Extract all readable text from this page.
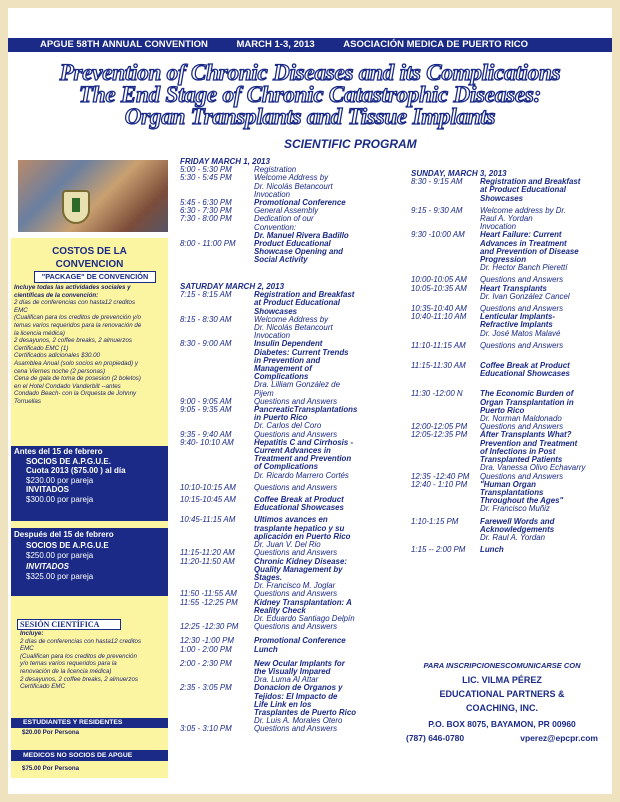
APGUE 58TH ANNUAL CONVENTION	MARCH 1-3, 2013	ASOCIACIÓN MEDICA DE PUERTO RICO
Prevention of Chronic Diseases and its Complications
The End Stage of Chronic Catastrophic Diseases:
Organ Transplants and Tissue Implants
SCIENTIFIC PROGRAM
COSTOS DE LA
CONVENCION
"PACKAGE" DE CONVENCIÓN
Incluye todas las actividades sociales y
científicas de la convención:
2 días de conferencias con hasta12 creditos
EMC
(Cualifican para los creditos de prevención y/o
temas varios requeridos para la renovación de
la licencia médica)
2 desayunos, 2 coffee breaks, 2 almuerzos
Certificado EMC (1)
Certificados adicionales $30.00
Asamblea Anual (solo socios en propiedad) y
cena Viernes noche (2 personas)
Cena de gala de toma de posesion (2 boletos)
en el Hotel Condado Vanderbilt --antes
Condado Beach- con la Orquesta de Johnny
Torruellas
Antes del 15 de febrero
SOCIOS DE A.P.G.U.E.
Cuota 2013 ($75.00 ) al día
$230.00 por pareja
INVITADOS
$300.00 por pareja
Después del 15 de febrero
SOCIOS DE A.P.G.U.E
$250.00 por pareja
INVITADOS
$325.00 por pareja
SESIÓN CIENTÍFICA
Incluye:
2 días de conferencias con hasta12 creditos
EMC
(Cualifican para los creditos de prevención
y/o temas varios requeridos para la
renovación de la licencia médica)
2 desayunos, 2 coffee breaks, 2 almuerzos
Certificado EMC
ESTUDIANTES Y RESIDENTES
$20.00 Por Persona
MEDICOS NO SOCIOS DE APGUE
$75.00 Por Persona
FRIDAY MARCH 1, 2013
5:00 - 5:30 PM	Registration
5:30 - 5:45 PM	Welcome Address by
Dr. Nicolás Betancourt
Invocation
5:45 - 6:30 PM	Promotional Conference
6:30 - 7:30 PM	General Assembly
7:30 - 8:00 PM	Dedication of our
Convention:
Dr. Manuel Rivera Badillo
8:00 - 11:00 PM	Product Educational
Showcase Opening and
Social Activity
SATURDAY MARCH 2, 2013
7:15 - 8:15 AM	Registration and Breakfast
at Product Educational
Showcases
8:15 - 8:30 AM	Welcome Address by
Dr. Nicolás Betancourt
Invocation
8:30 - 9:00 AM	Insulin Dependent
Diabetes: Current Trends
in Prevention and
Management of
Complications
Dra. Lilliam González de
Pijem
9:00 - 9:05 AM	Questions and Answers
9:05 - 9:35 AM	PancreaticTransplantations
in Puerto Rico
Dr. Carlos del Coro
9:35 - 9:40 AM	Questions and Answers
9:40- 10:10 AM	Hepatitis C and Cirrhosis -
Current Advances in
Treatment and Prevention
of Complications
Dr. Ricardo Marrero Cortés
10:10-10:15 AM	Questions and Answers
10:15-10:45 AM	Coffee Break at Product
Educational Showcases
10:45-11:15 AM	Ultimos avances en
trasplante hepatico y su
aplicación en Puerto Rico
Dr. Juan V. Del Rio
11:15-11:20 AM	Questions and Answers
11:20-11:50 AM	Chronic Kidney Disease:
Quality Management by
Stages.
Dr. Francisco M. Joglar
11:50 -11:55 AM	Questions and Answers
11:55 -12:25 PM	Kidney Transplantation: A
Reality Check
Dr. Eduardo Santiago Delpín
12:25 -12:30 PM	Questions and Answers
12:30 -1:00 PM	Promotional Conference
1:00 - 2:00 PM	Lunch
2:00 - 2:30 PM	New Ocular Implants for
the Visually Impared
Dra. Luma Al Attar
2:35 - 3:05 PM	Donacion de Organos y
Tejidos: El Impacto de
Life Link en los
Trasplantes de Puerto Rico
Dr. Luis A. Morales Otero
3:05 - 3:10 PM	Questions and Answers
SUNDAY, MARCH 3, 2013
8:30 - 9:15 AM	Registration and Breakfast
at Product Educational
Showcases
9:15 - 9:30 AM	Welcome address by Dr.
Raul A. Yordan
Invocation
9:30 -10:00 AM	Heart Failure: Current
Advances in Treatment
and Prevention of Disease
Progression
Dr. Hector Banch Pierettí
10:00-10:05 AM	Questions and Answers
10:05-10:35 AM	Heart Transplants
Dr. Ivan González Cancel
10:35-10:40 AM	Questions and Answers
10:40-11:10 AM	Lenticular Implants-
Refractive Implants
Dr. José Matos Malavé
11:10-11:15 AM	Questions and Answers
11:15-11:30 AM	Coffee Break at Product
Educational Showcases
11:30 -12:00 N	The Economic Burden of
Organ Transplantation in
Puerto Rico
Dr. Norman Maldonado
12:00-12:05 PM	Questions and Answers
12:05-12:35 PM	After Transplants What?
Prevention and Treatment
of Infections in Post
Transplanted Patients
Dra. Vanessa Olivo Echavarry
12:35 -12:40 PM	Questions and Answers
12:40 - 1:10 PM	"Human Organ
Transplantations
Throughout the Ages"
Dr. Francisco Muñiz
1:10-1:15 PM	Farewell Words and
Acknowledgements
Dr. Raul A. Yordan
1:15 -- 2:00 PM	Lunch
PARA INSCRIPCIONESCOMUNICARSE CON
LIC. VILMA PÉREZ
EDUCATIONAL PARTNERS &
COACHING, INC.
P.O. BOX 8075, BAYAMON, PR 00960
(787) 646-0780	vperez@epcpr.com
